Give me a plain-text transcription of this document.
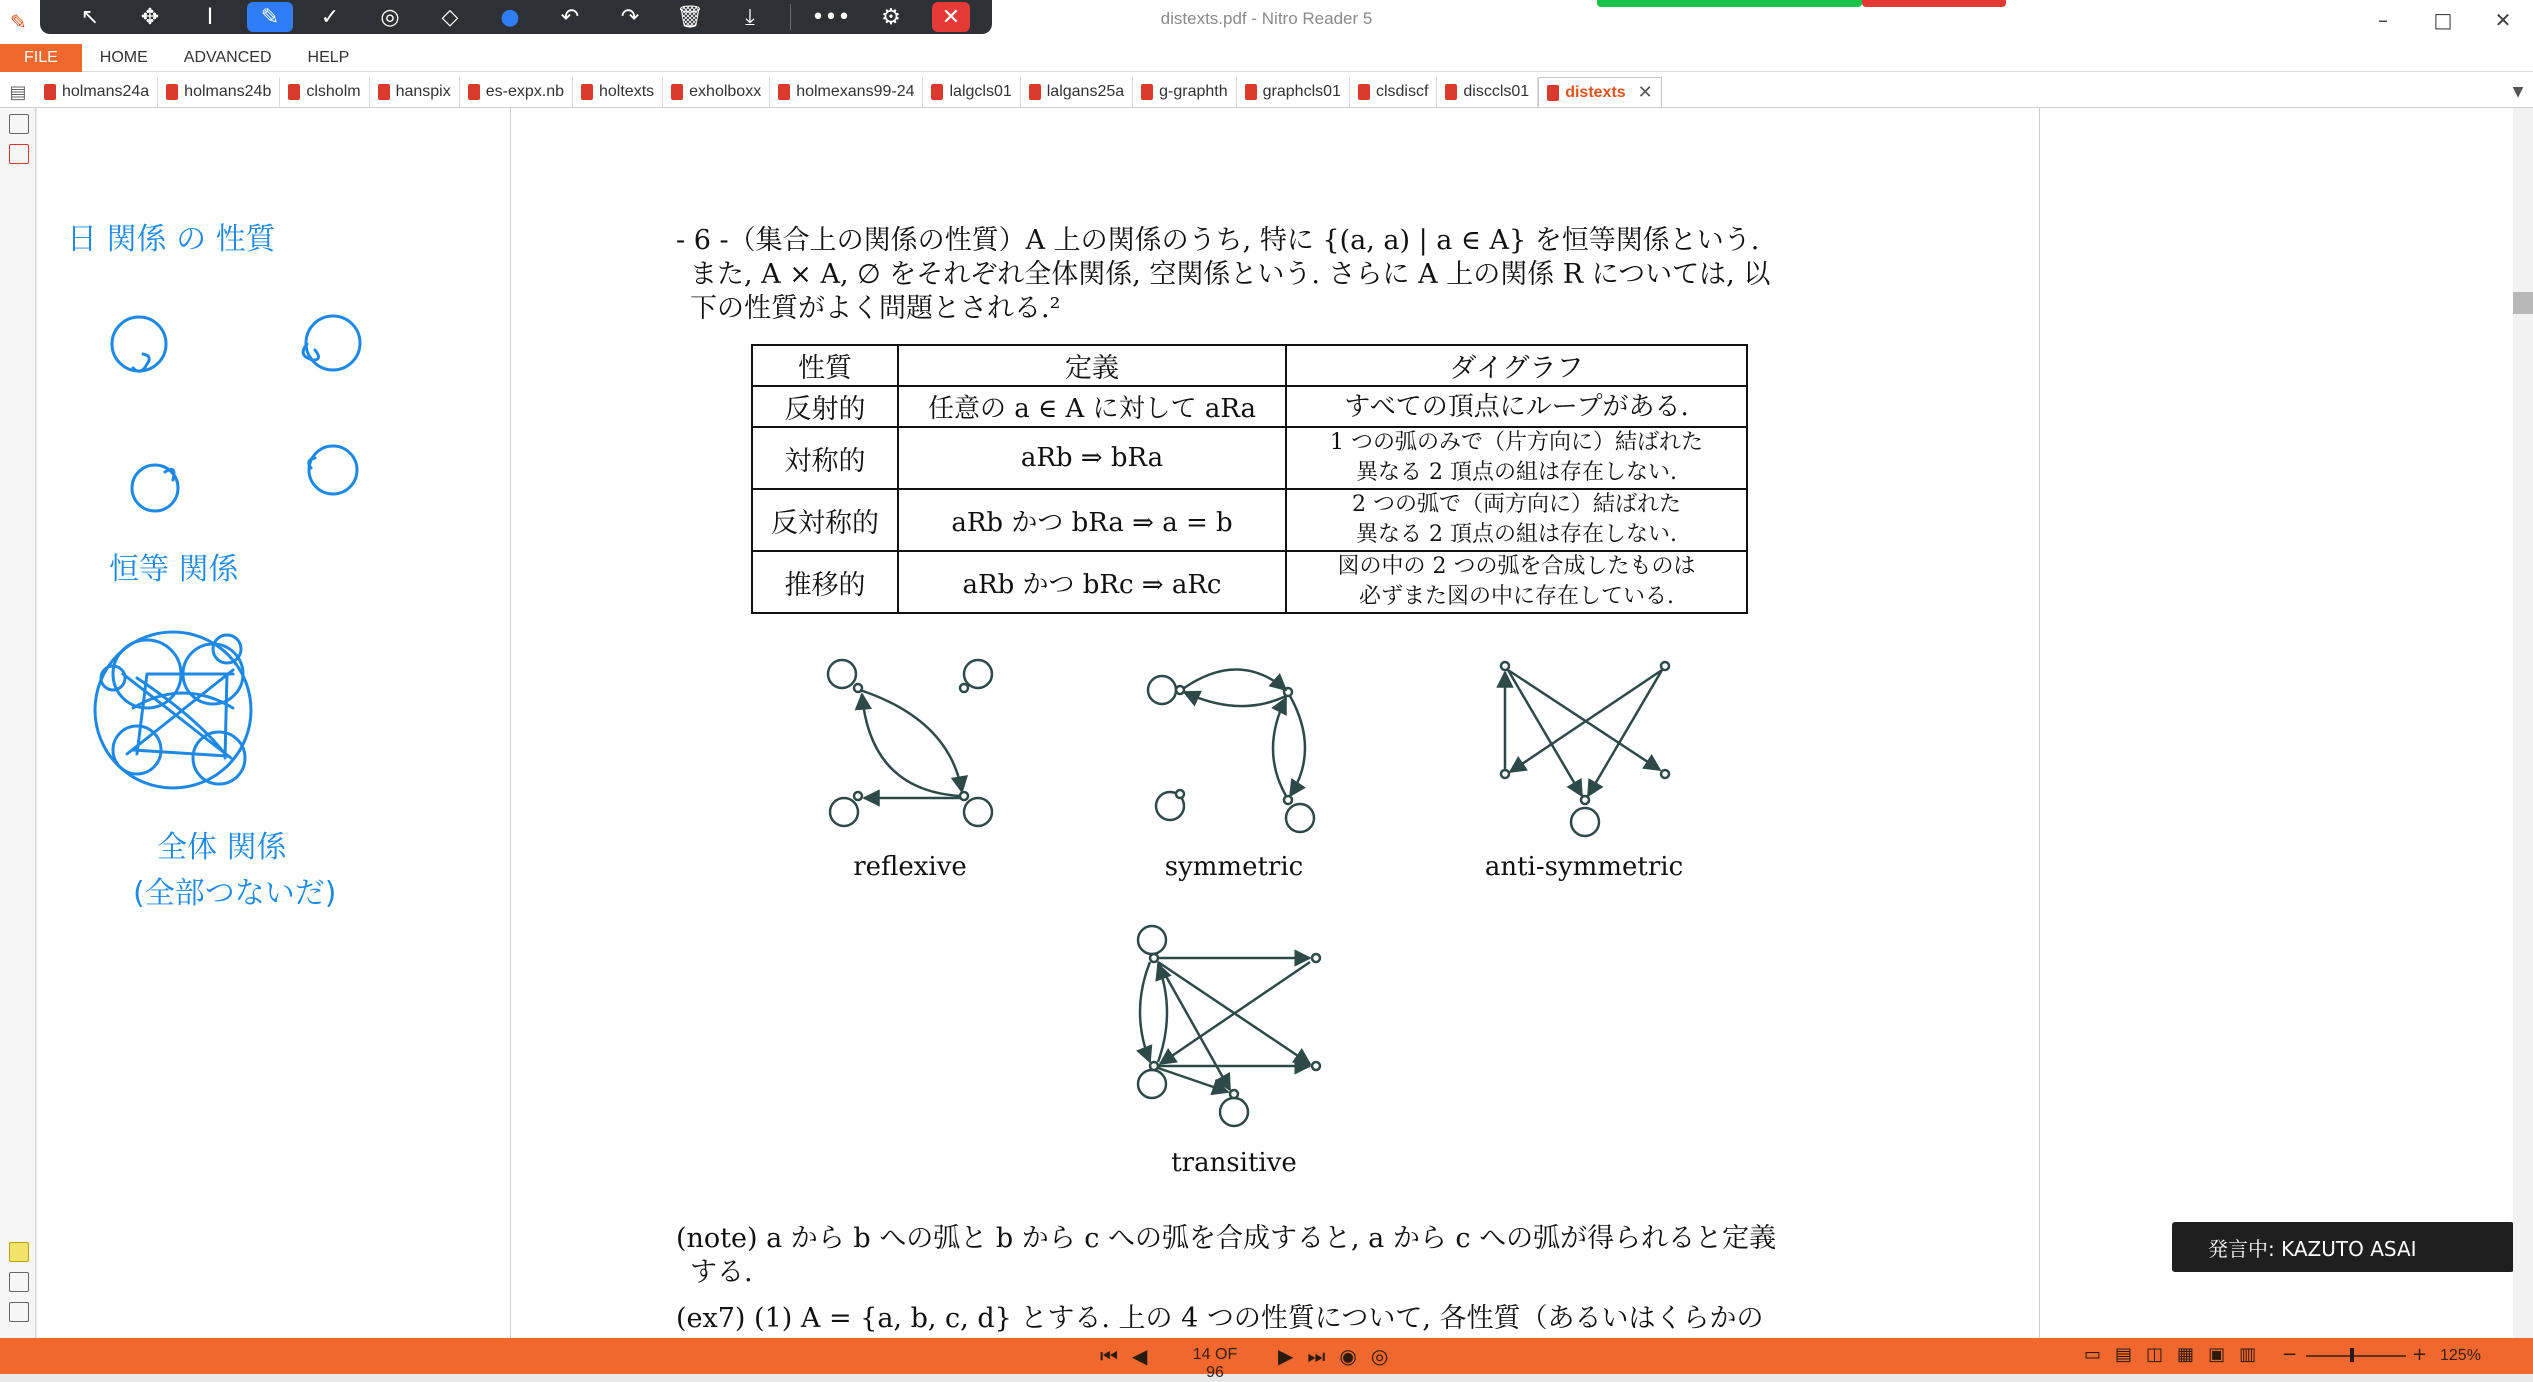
✎	distexts.pdf - Nitro Reader 5	–	□	✕
↖ ✥ I	✎	✓ ◎ ◇ ● ↶ ↷ 🗑 ⤓	••• ⚙	✕
FILE	HOME	ADVANCED	HELP
▤	holmans24a holmans24b clsholm hanspix es-expx.nb holtexts exholboxx holmexans99-24 lalgcls01 lalgans25a g-graphth graphcls01 clsdiscf disccls01 distexts ✕	▼
日 関係 の 性質
恒等 関係
全体 関係
(全部つないだ)
- 6 -（集合上の関係の性質）A 上の関係のうち, 特に {(a, a) | a ∈ A} を恒等関係という.
また, A × A, ∅ をそれぞれ全体関係, 空関係という. さらに A 上の関係 R については, 以
下の性質がよく問題とされる.²
性質	定義	ダイグラフ
反射的	任意の a ∈ A に対して aRa	すべての頂点にループがある.
対称的	aRb ⇒ bRa	1 つの弧のみで（片方向に）結ばれた
異なる 2 頂点の組は存在しない.

反対称的	aRb かつ bRa ⇒ a = b	2 つの弧で（両方向に）結ばれた
異なる 2 頂点の組は存在しない.

推移的	aRb かつ bRc ⇒ aRc	図の中の 2 つの弧を合成したものは
必ずまた図の中に存在している.
reflexive	symmetric	anti-symmetric
transitive
(note) a から b への弧と b から c への弧を合成すると, a から c への弧が得られると定義
する.
(ex7) (1) A = {a, b, c, d} とする. 上の 4 つの性質について, 各性質（あるいはくらかの
発言中: KAZUTO ASAI
⏮ ◀	14 OF 96
▶ ⏭ ◉ ◎	▭ ▤ ◫ ▦ ▣ ▥ −	+ 125%
